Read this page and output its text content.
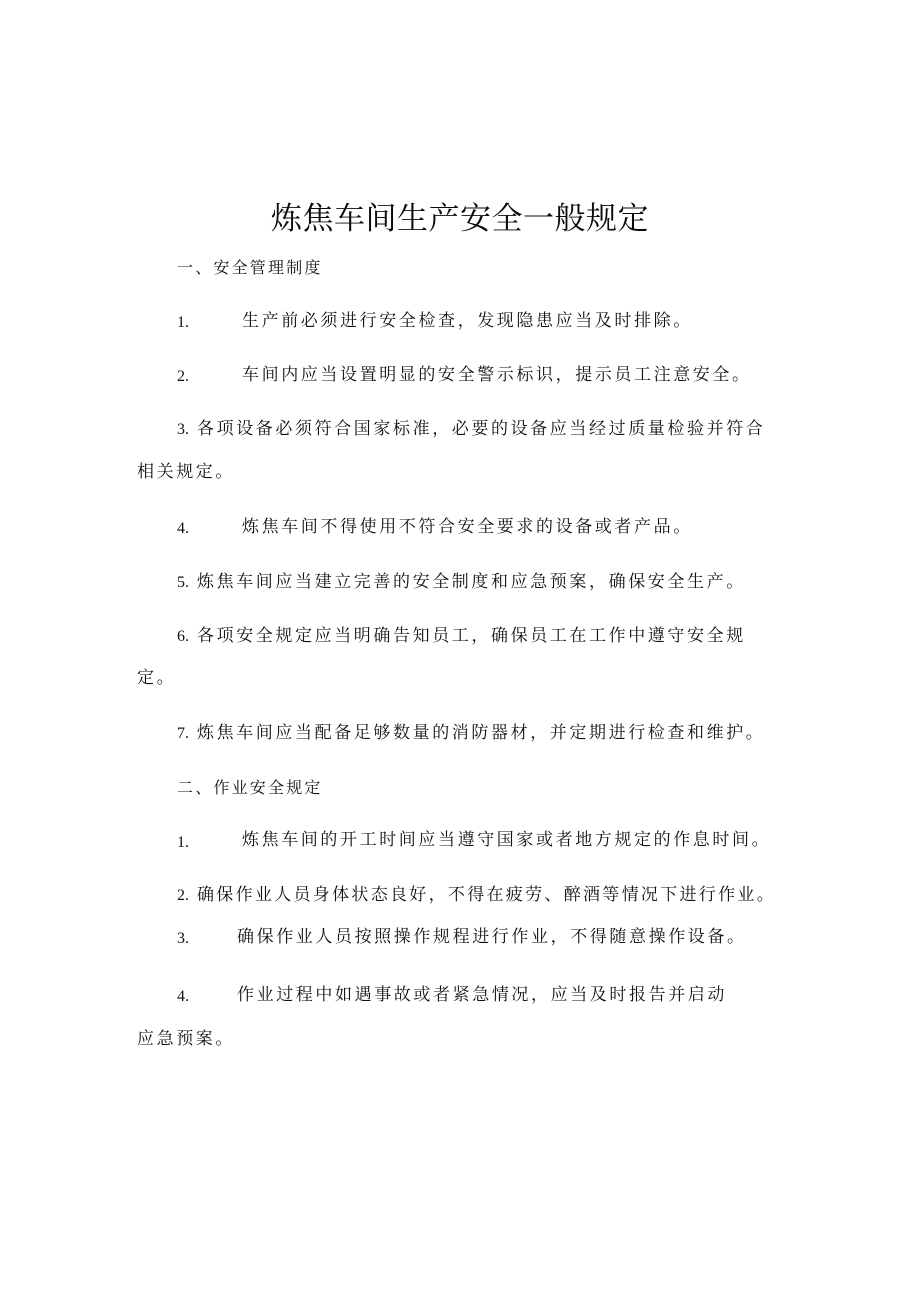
炼焦车间生产安全一般规定
一、安全管理制度
1.	生产前必须进行安全检查，发现隐患应当及时排除。
2.	车间内应当设置明显的安全警示标识，提示员工注意安全。
3. 各项设备必须符合国家标准，必要的设备应当经过质量检验并符合
相关规定。
4.	炼焦车间不得使用不符合安全要求的设备或者产品。
5. 炼焦车间应当建立完善的安全制度和应急预案，确保安全生产。
6. 各项安全规定应当明确告知员工，确保员工在工作中遵守安全规
定。
7. 炼焦车间应当配备足够数量的消防器材，并定期进行检查和维护。
二、作业安全规定
1.	炼焦车间的开工时间应当遵守国家或者地方规定的作息时间。
2. 确保作业人员身体状态良好，不得在疲劳、醉酒等情况下进行作业。
3.	确保作业人员按照操作规程进行作业，不得随意操作设备。
4.	作业过程中如遇事故或者紧急情况，应当及时报告并启动
应急预案。
